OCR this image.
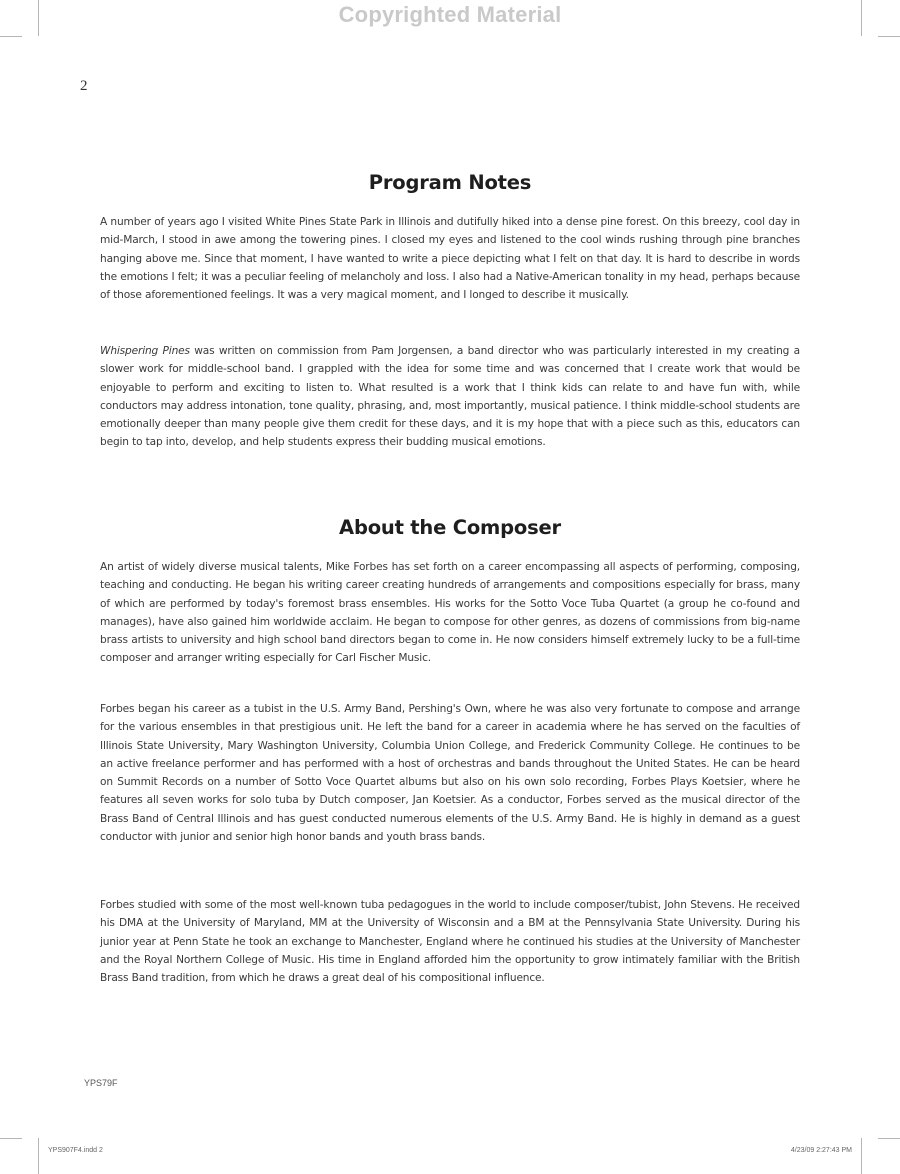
Copyrighted Material
2
Program Notes

A number of years ago I visited White Pines State Park in Illinois and dutifully hiked into a dense pine forest. On this breezy, cool day in mid-March, I stood in awe among the towering pines. I closed my eyes and listened to the cool winds rushing through pine branches hanging above me. Since that moment, I have wanted to write a piece depicting what I felt on that day. It is hard to describe in words the emotions I felt; it was a peculiar feeling of melancholy and loss. I also had a Native-American tonality in my head, perhaps because of those aforementioned feelings. It was a very magical moment, and I longed to describe it musically.

Whispering Pines was written on commission from Pam Jorgensen, a band director who was particularly interested in my creating a slower work for middle-school band. I grappled with the idea for some time and was concerned that I create work that would be enjoyable to perform and exciting to listen to. What resulted is a work that I think kids can relate to and have fun with, while conductors may address intonation, tone quality, phrasing, and, most importantly, musical patience. I think middle-school students are emotionally deeper than many people give them credit for these days, and it is my hope that with a piece such as this, educators can begin to tap into, develop, and help students express their budding musical emotions.

About the Composer

An artist of widely diverse musical talents, Mike Forbes has set forth on a career encompassing all aspects of performing, composing, teaching and conducting. He began his writing career creating hundreds of arrangements and compositions especially for brass, many of which are performed by today's foremost brass ensembles. His works for the Sotto Voce Tuba Quartet (a group he co-found and manages), have also gained him worldwide acclaim. He began to compose for other genres, as dozens of commissions from big-name brass artists to university and high school band directors began to come in. He now considers himself extremely lucky to be a full-time composer and arranger writing especially for Carl Fischer Music.

Forbes began his career as a tubist in the U.S. Army Band, Pershing's Own, where he was also very fortunate to compose and arrange for the various ensembles in that prestigious unit. He left the band for a career in academia where he has served on the faculties of Illinois State University, Mary Washington University, Columbia Union College, and Frederick Community College. He continues to be an active freelance performer and has performed with a host of orchestras and bands throughout the United States. He can be heard on Summit Records on a number of Sotto Voce Quartet albums but also on his own solo recording, Forbes Plays Koetsier, where he features all seven works for solo tuba by Dutch composer, Jan Koetsier. As a conductor, Forbes served as the musical director of the Brass Band of Central Illinois and has guest conducted numerous elements of the U.S. Army Band. He is highly in demand as a guest conductor with junior and senior high honor bands and youth brass bands.

Forbes studied with some of the most well-known tuba pedagogues in the world to include composer/tubist, John Stevens. He received his DMA at the University of Maryland, MM at the University of Wisconsin and a BM at the Pennsylvania State University. During his junior year at Penn State he took an exchange to Manchester, England where he continued his studies at the University of Manchester and the Royal Northern College of Music. His time in England afforded him the opportunity to grow intimately familiar with the British Brass Band tradition, from which he draws a great deal of his compositional influence.

YPS79F
YPS907F4.indd 2	4/23/09 2:27:43 PM
